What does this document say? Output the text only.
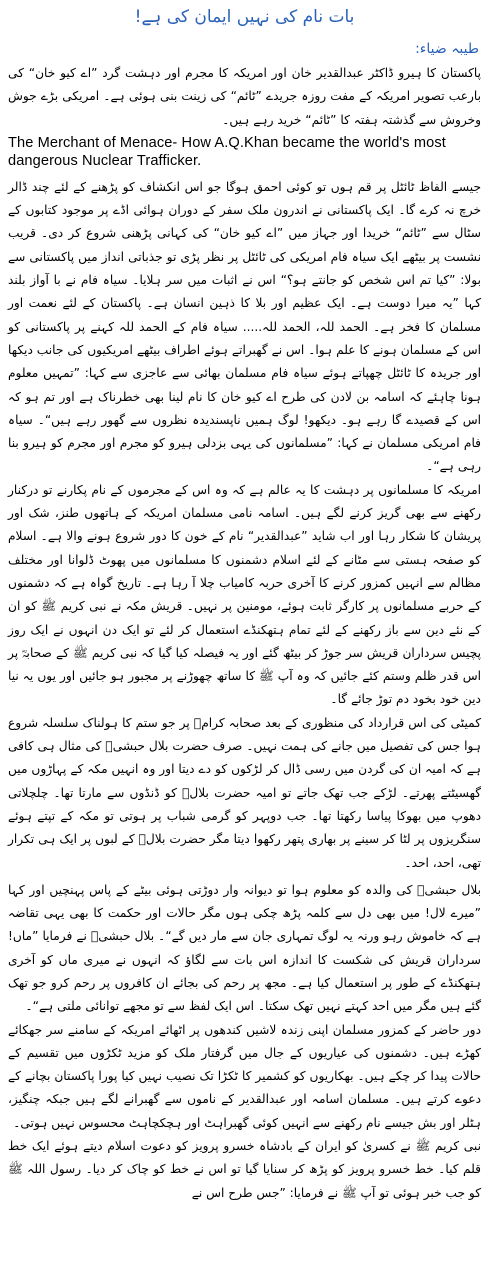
بات نام کی نہیں ایمان کی ہے!
طیبہ ضیاء:

پاکستان کا ہیرو ڈاکٹر عبدالقدیر خان اور امریکہ کا مجرم اور دہشت گرد ”اے کیو خان“ کی بارعب تصویر امریکہ کے مفت روزہ جریدے ”ٹائم“ کی زینت بنی ہوئی ہے۔ امریکی بڑے جوش وخروش سے گذشتہ ہفتہ کا ”ٹائم“ خرید رہے ہیں۔

The Merchant of Menace- How A.Q.Khan became the world's most dangerous Nuclear Trafficker.

جیسے الفاظ ٹائٹل پر قم ہوں تو کوئی احمق ہوگا جو اس انکشاف کو پڑھنے کے لئے چند ڈالر خرچ نہ کرے گا۔ ایک پاکستانی نے اندرون ملک سفر کے دوران ہوائی اڈے پر موجود کتابوں کے سٹال سے ”ٹائم“ خریدا اور جہاز میں ”اے کیو خان“ کی کہانی پڑھنی شروع کر دی۔ قریب نشست پر بیٹھے ایک سیاہ فام امریکی کی ٹائٹل پر نظر پڑی تو جذباتی انداز میں پاکستانی سے بولا: ”کیا تم اس شخص کو جانتے ہو؟“ اس نے اثبات میں سر ہلایا۔ سیاہ فام نے با آواز بلند کہا ”یہ میرا دوست ہے۔ ایک عظیم اور بلا کا ذہین انسان ہے۔ پاکستان کے لئے نعمت اور مسلمان کا فخر ہے۔ الحمد للہ، الحمد للہ..... سیاہ فام کے الحمد للہ کہنے پر پاکستانی کو اس کے مسلمان ہونے کا علم ہوا۔ اس نے گھبراتے ہوئے اطراف بیٹھے امریکیوں کی جانب دیکھا اور جریدہ کا ٹائٹل چھپاتے ہوئے سیاہ فام مسلمان بھائی سے عاجزی سے کہا: ”تمہیں معلوم ہونا چاہئے کہ اسامہ بن لادن کی طرح اے کیو خان کا نام لینا بھی خطرناک ہے اور تم ہو کہ اس کے قصیدے گا رہے ہو۔ دیکھو! لوگ ہمیں ناپسندیدہ نظروں سے گھور رہے ہیں“۔ سیاہ فام امریکی مسلمان نے کہا: ”مسلمانوں کی یہی بزدلی ہیرو کو مجرم اور مجرم کو ہیرو بنا رہی ہے“۔

امریکہ کا مسلمانوں پر دہشت کا یہ عالم ہے کہ وہ اس کے مجرموں کے نام پکارنے تو درکنار رکھنے سے بھی گریز کرنے لگے ہیں۔ اسامہ نامی مسلمان امریکہ کے ہاتھوں طنز، شک اور پریشان کا شکار رہا اور اب شاید ”عبدالقدیر“ نام کے خون کا دور شروع ہونے والا ہے۔ اسلام کو صفحہ ہستی سے مٹانے کے لئے اسلام دشمنوں کا مسلمانوں میں پھوٹ ڈلوانا اور مختلف مظالم سے انہیں کمزور کرنے کا آخری حربہ کامیاب چلا آ رہا ہے۔ تاریخ گواہ ہے کہ دشمنوں کے حربے مسلمانوں پر کارگر ثابت ہوئے، مومنین پر نہیں۔ قریش مکہ نے نبی کریم ﷺ کو ان کے نئے دین سے باز رکھنے کے لئے تمام ہتھکنڈے استعمال کر لئے تو ایک دن انہوں نے ایک روز پچیس سرداران قریش سر جوڑ کر بیٹھ گئے اور یہ فیصلہ کیا گیا کہ نبی کریم ﷺ کے صحابہؓ پر اس قدر ظلم وستم کئے جائیں کہ وہ آپ ﷺ کا ساتھ چھوڑنے پر مجبور ہو جائیں اور یوں یہ نیا دین خود بخود دم توڑ جائے گا۔

کمیٹی کی اس قرارداد کی منظوری کے بعد صحابہ کرامؓ پر جو ستم کا ہولناک سلسلہ شروع ہوا جس کی تفصیل میں جانے کی ہمت نہیں۔ صرف حضرت بلال حبشیؓ کی مثال ہی کافی ہے کہ امیہ ان کی گردن میں رسی ڈال کر لڑکوں کو دے دیتا اور وہ انہیں مکہ کے پہاڑوں میں گھسیٹتے پھرتے۔ لڑکے جب تھک جاتے تو امیہ حضرت بلالؓ کو ڈنڈوں سے مارتا تھا۔ چلچلاتی دھوپ میں بھوکا پیاسا رکھتا تھا۔ جب دوپہر کو گرمی شباب پر ہوتی تو مکہ کے تپتے ہوئے سنگریزوں پر لٹا کر سینے پر بھاری پتھر رکھوا دیتا مگر حضرت بلالؓ کے لبوں پر ایک ہی تکرار تھی، احد، احد۔

بلال حبشیؓ کی والدہ کو معلوم ہوا تو دیوانہ وار دوڑتی ہوئی بیٹے کے پاس پہنچیں اور کہا ”میرے لال! میں بھی دل سے کلمہ پڑھ چکی ہوں مگر حالات اور حکمت کا بھی یہی تقاضہ ہے کہ خاموش رہو ورنہ یہ لوگ تمہاری جان سے مار دیں گے“۔ بلال حبشیؓ نے فرمایا ”ماں! سرداران قریش کی شکست کا اندازہ اس بات سے لگاؤ کہ انہوں نے میری ماں کو آخری ہتھکنڈے کے طور پر استعمال کیا ہے۔ مجھ پر رحم کی بجائے ان کافروں پر رحم کرو جو تھک گئے ہیں مگر میں احد کہتے نہیں تھک سکتا۔ اس ایک لفظ سے تو مجھے توانائی ملتی ہے“۔

دور حاضر کے کمزور مسلمان اپنی زندہ لاشیں کندھوں پر اٹھائے امریکہ کے سامنے سر جھکائے کھڑے ہیں۔ دشمنوں کی عیاریوں کے جال میں گرفتار ملک کو مزید ٹکڑوں میں تقسیم کے حالات پیدا کر چکے ہیں۔ بھکاریوں کو کشمیر کا ٹکڑا تک نصیب نہیں کیا پورا پاکستان بچانے کے دعوے کرتے ہیں۔ مسلمان اسامہ اور عبدالقدیر کے ناموں سے گھبرانے لگے ہیں جبکہ چنگیز، ہٹلر اور بش جیسے نام رکھنے سے انہیں کوئی گھبراہٹ اور ہچکچاہٹ محسوس نہیں ہوتی۔

نبی کریم ﷺ نے کسریٰ کو ایران کے بادشاہ خسرو پرویز کو دعوت اسلام دیتے ہوئے ایک خط قلم کیا۔ خط خسرو پرویز کو پڑھ کر سنایا گیا تو اس نے خط کو چاک کر دیا۔ رسول اللہ ﷺ کو جب خبر ہوئی تو آپ ﷺ نے فرمایا: ”جس طرح اس نے
